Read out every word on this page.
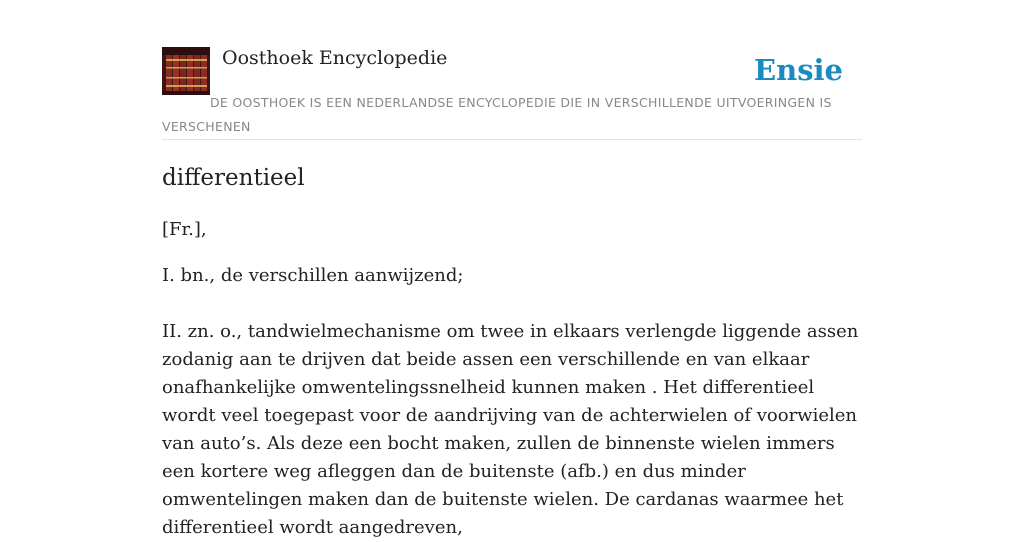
Oosthoek Encyclopedie	Ensie
DE OOSTHOEK IS EEN NEDERLANDSE ENCYCLOPEDIE DIE IN VERSCHILLENDE UITVOERINGEN IS VERSCHENEN
differentieel

[Fr.],

I. bn., de verschillen aanwijzend;

II. zn. o., tandwielmechanisme om twee in elkaars verlengde liggende assen zodanig aan te drijven dat beide assen een verschillende en van elkaar onafhankelijke omwentelingssnelheid kunnen maken . Het differentieel wordt veel toegepast voor de aandrijving van de achterwielen of voorwielen van auto’s. Als deze een bocht maken, zullen de binnenste wielen immers een kortere weg afleggen dan de buitenste (afb.) en dus minder omwentelingen maken dan de buitenste wielen. De cardanas waarmee het differentieel wordt aangedreven,
